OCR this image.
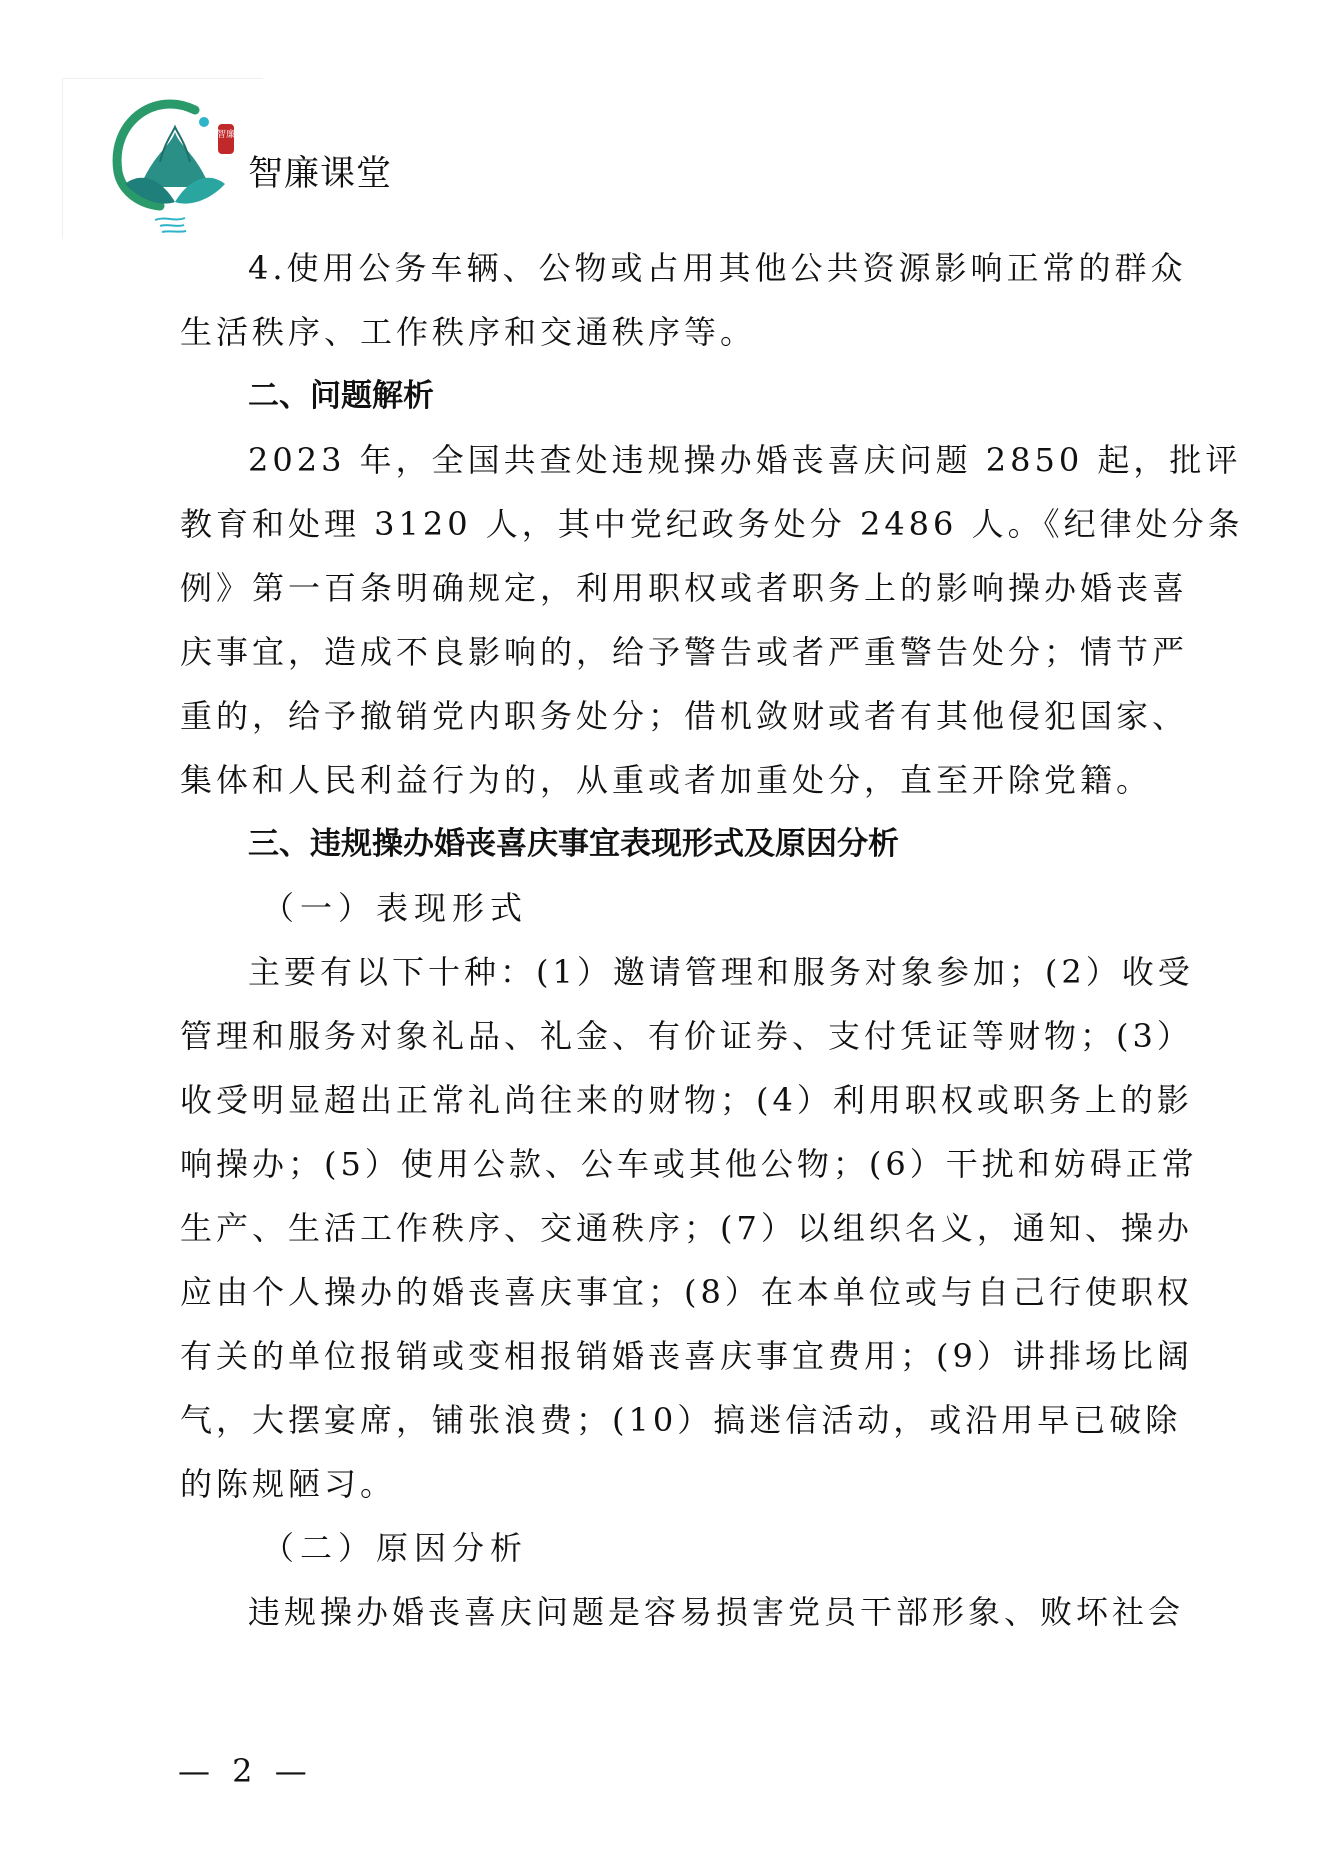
智廉
智廉课堂
4.使用公务车辆、公物或占用其他公共资源影响正常的群众
生活秩序、工作秩序和交通秩序等。
二、问题解析
2023 年，全国共查处违规操办婚丧喜庆问题 2850 起，批评
教育和处理 3120 人，其中党纪政务处分 2486 人。《纪律处分条
例》第一百条明确规定，利用职权或者职务上的影响操办婚丧喜
庆事宜，造成不良影响的，给予警告或者严重警告处分；情节严
重的，给予撤销党内职务处分；借机敛财或者有其他侵犯国家、
集体和人民利益行为的，从重或者加重处分，直至开除党籍。
三、违规操办婚丧喜庆事宜表现形式及原因分析
（一）表现形式
主要有以下十种：(1）邀请管理和服务对象参加；(2）收受
管理和服务对象礼品、礼金、有价证券、支付凭证等财物；(3）
收受明显超出正常礼尚往来的财物；(4）利用职权或职务上的影
响操办；(5）使用公款、公车或其他公物；(6）干扰和妨碍正常
生产、生活工作秩序、交通秩序；(7）以组织名义，通知、操办
应由个人操办的婚丧喜庆事宜；(8）在本单位或与自己行使职权
有关的单位报销或变相报销婚丧喜庆事宜费用；(9）讲排场比阔
气，大摆宴席，铺张浪费；(10）搞迷信活动，或沿用早已破除
的陈规陋习。
（二）原因分析
违规操办婚丧喜庆问题是容易损害党员干部形象、败坏社会
— 2 —
